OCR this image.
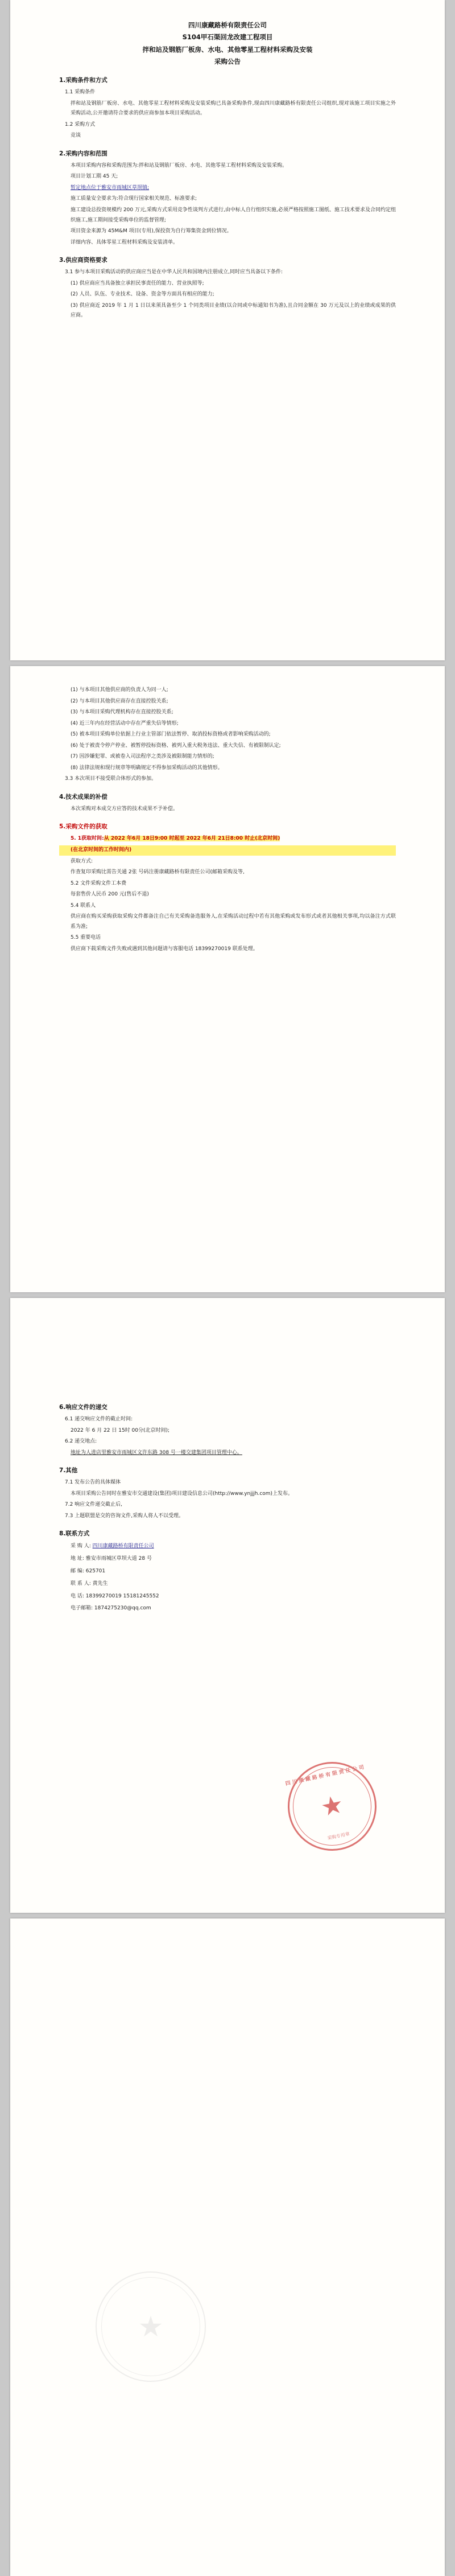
四川康藏路桥有限责任公司
S104甲石渠回龙改建工程项目
拌和站及钢筋厂板房、水电、其他零星工程材料采购及安装
采购公告
1.采购条件和方式

1.1 采购条件

拌和站及钢筋厂板房、水电、其他零星工程材料采购及安装采购已具备采购条件,现由四川康藏路桥有限责任公司组织,现对该施工项目实施之外采购活动,公开邀请符合要求的供应商参加本项目采购活动。

1.2 采购方式

竞谈

2.采购内容和范围

本项目采购内容和采购范围为:拌和站及钢筋厂板房、水电、其他零星工程材料采购及安装采购。

项目计划工期 45 天;

暂定地点位于雅安市雨城区草坝镇;

施工质量安全要求为:符合现行国家相关规范、标准要求;

施工建设总投资规模约 200 万元,采购方式采用竞争性谈判方式进行,由中标人自行组织实施,必须严格按照施工图纸、施工技术要求及合同约定组织施工,施工期间接受采购单位的监督管理;

项目资金来源为 45M&M 项目(专用),保投资为自行筹集资金到位情况。

详细内容、具体零星工程材料采购及安装清单。

3.供应商资格要求

3.1 参与本项目采购活动的供应商应当是在中华人民共和国境内注册成立,同时应当具备以下条件:

(1) 供应商应当具备独立承担民事责任的能力、营业执照等;

(2) 人员、队伍、专业技术、设备、资金等方面具有相应的能力;

(3) 供应商近 2019 年 1 月 1 日以来须具备至少 1 个同类项目业绩(以合同或中标通知书为准),且合同金额在 30 万元及以上的业绩或成果的供应商。

(1) 与本项目其他供应商的负责人为同一人;

(2) 与本项目其他供应商存在直接控股关系;

(3) 与本项目采购代理机构存在直接控股关系;

(4) 近三年内在经营活动中存在严重失信等情形;

(5) 被本项目采购单位依据上行业主管部门依法暂停、取消投标资格或者影响采购活动的;

(6) 处于被责令停产停业、被暂停投标资格、被列入重大税务违法、重大失信、有被限制认定;

(7) 因涉嫌犯罪、或被卷入司法程序之类涉及被限制能力情形的;

(8) 法律法规和现行规章等明确规定不得参加采购活动的其他情形。

3.3 本次项目不接受联合体形式的参加。

4.技术成果的补偿

本次采购对本成交方应答的技术成果不予补偿。

5.采购文件的获取

5. 1获取时间:从 2022 年6月 18日9:00 时起至 2022 年6月 21日8:00 时止(北京时间)

(在北京时间的工作时间内)

获取方式:

作查复印采购比需告关通 2张 号码注册康藏路桥有限责任公司(邮箱采购及等,

5.2 文件采购文件工本费

每套售价人民币 200 元(售后不退)

5.4 联系人

供应商在购买采购获取采购文件都备注自己有关采购备选服务人,在采购活动过程中若有其他采购或发布形式或者其他相关事项,均以备注方式联系为准;

5.5 重要电话

供应商下载采购文件失败或遇到其他问题请与客服电话 18399270019 联系处理。

6.响应文件的递交

6.1 递交响应文件的截止时间:

2022 年 6 月 22 日 15时 00分(北京时间);

6.2 递交地点:

地址为人进店里雅安市雨城区文许东路 308 号一楼交建集团项目管理中心。

7.其他

7.1 发布公告的具体媒体

本项目采购公告同时在雅安市交通建设(集团)项目建设信息公司(http://www.ynjjjh.com)上发布。

7.2 响应文件递交截止后,

7.3 上题联盟是交的咨询文件,采购人将人不以受理。

8.联系方式

采 购 人: 四川康藏路桥有限责任公司

地 址: 雅安市雨城区草坝大道 28 号

邮 编: 625701

联 系 人: 黄先生

电 话: 18399270019 15181245552

电子邮箱: 1874275230@qq.com

四川康藏路桥有限责任公司
★
采购专用章
★
